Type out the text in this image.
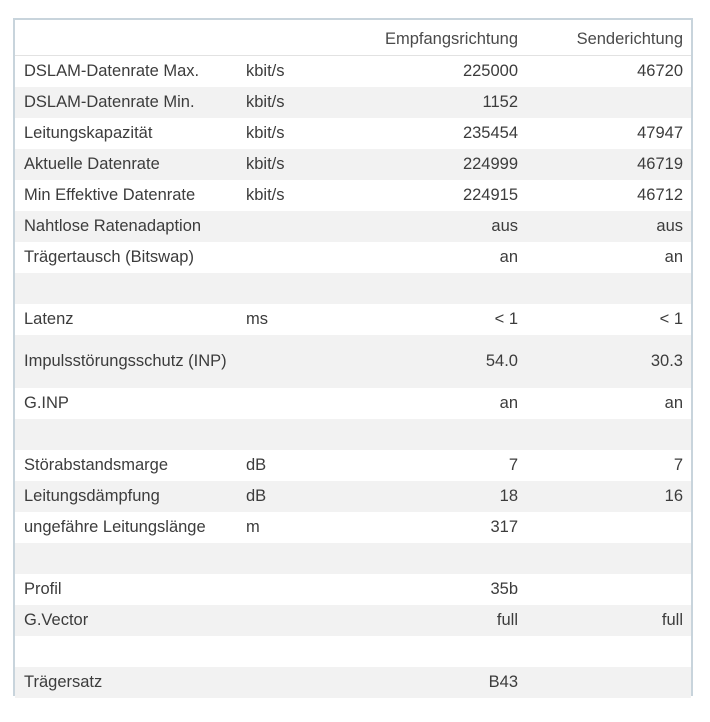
		Empfangsrichtung	Senderichtung
DSLAM-Datenrate Max.	kbit/s	225000	46720
DSLAM-Datenrate Min.	kbit/s	1152	
Leitungskapazität	kbit/s	235454	47947
Aktuelle Datenrate	kbit/s	224999	46719
Min Effektive Datenrate	kbit/s	224915	46712
Nahtlose Ratenadaption		aus	aus
Trägertausch (Bitswap)		an	an

Latenz	ms	< 1	< 1
Impulsstörungsschutz (INP)		54.0	30.3
G.INP		an	an

Störabstandsmarge	dB	7	7
Leitungsdämpfung	dB	18	16
ungefähre Leitungslänge	m	317	

Profil		35b	
G.Vector		full	full

Trägersatz		B43	
